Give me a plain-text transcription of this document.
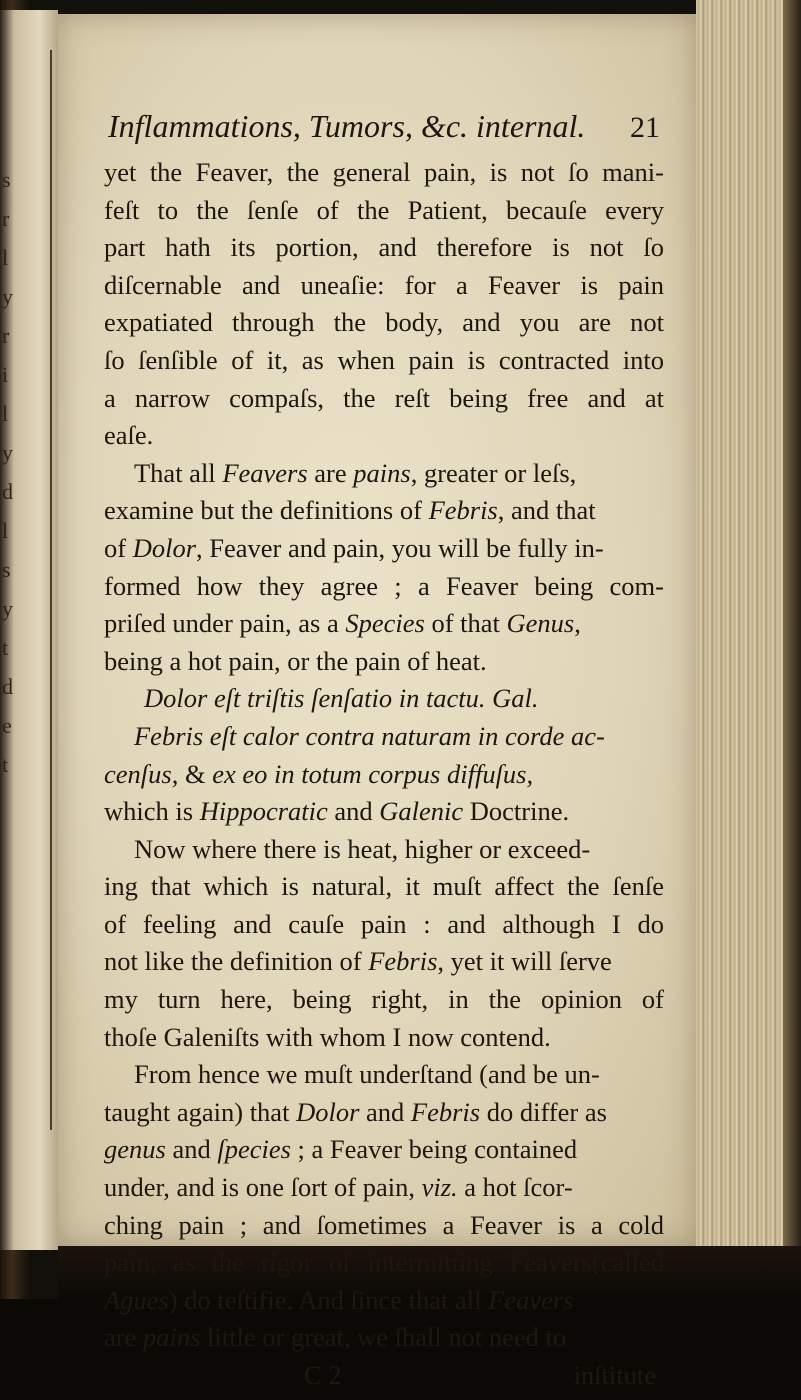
s
r
l
y
r
i
l
y
d
l
s
y
t
d
e
t
Inflammations, Tumors, &c. internal. 21
yet the Feaver, the general pain, is not ſo mani-
feſt to the ſenſe of the Patient, becauſe every
part hath its portion, and therefore is not ſo
diſcernable and uneaſie: for a Feaver is pain
expatiated through the body, and you are not
ſo ſenſible of it, as when pain is contracted into
a narrow compaſs, the reſt being free and at
eaſe.
That all Feavers are pains, greater or leſs,
examine but the definitions of Febris, and that
of Dolor, Feaver and pain, you will be fully in-
formed how they agree ; a Feaver being com-
priſed under pain, as a Species of that Genus,
being a hot pain, or the pain of heat.
Dolor eſt triſtis ſenſatio in tactu. Gal.
Febris eſt calor contra naturam in corde ac-
cenſus, & ex eo in totum corpus diffuſus,
which is Hippocratic and Galenic Doctrine.
Now where there is heat, higher or exceed-
ing that which is natural, it muſt affect the ſenſe
of feeling and cauſe pain : and although I do
not like the definition of Febris, yet it will ſerve
my turn here, being right, in the opinion of
thoſe Galeniſts with whom I now contend.
From hence we muſt underſtand (and be un-
taught again) that Dolor and Febris do differ as
genus and ſpecies ; a Feaver being contained
under, and is one ſort of pain, viz. a hot ſcor-
ching pain ; and ſometimes a Feaver is a cold
pain, as the rigor of intermitting Feavers(called
Agues) do teſtifie. And ſince that all Feavers
are pains little or great, we ſhall not need to
C 2	inſtitute
